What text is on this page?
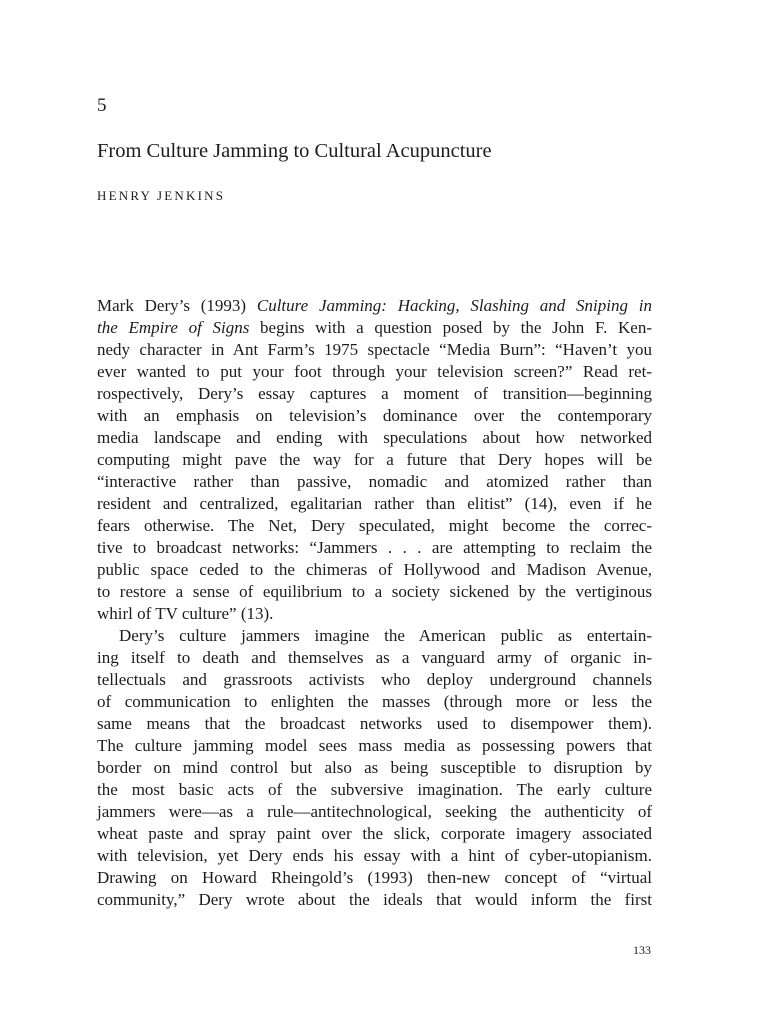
5
From Culture Jamming to Cultural Acupuncture
HENRY JENKINS
Mark Dery’s (1993) Culture Jamming: Hacking, Slashing and Sniping in
the Empire of Signs begins with a question posed by the John F. Ken-
nedy character in Ant Farm’s 1975 spectacle “Media Burn”: “Haven’t you
ever wanted to put your foot through your television screen?” Read ret-
rospectively, Dery’s essay captures a moment of transition—beginning
with an emphasis on television’s dominance over the contemporary
media landscape and ending with speculations about how networked
computing might pave the way for a future that Dery hopes will be
“interactive rather than passive, nomadic and atomized rather than
resident and centralized, egalitarian rather than elitist” (14), even if he
fears otherwise. The Net, Dery speculated, might become the correc-
tive to broadcast networks: “Jammers . . . are attempting to reclaim the
public space ceded to the chimeras of Hollywood and Madison Avenue,
to restore a sense of equilibrium to a society sickened by the vertiginous
whirl of TV culture” (13).
Dery’s culture jammers imagine the American public as entertain-
ing itself to death and themselves as a vanguard army of organic in-
tellectuals and grassroots activists who deploy underground channels
of communication to enlighten the masses (through more or less the
same means that the broadcast networks used to disempower them).
The culture jamming model sees mass media as possessing powers that
border on mind control but also as being susceptible to disruption by
the most basic acts of the subversive imagination. The early culture
jammers were—as a rule—antitechnological, seeking the authenticity of
wheat paste and spray paint over the slick, corporate imagery associated
with television, yet Dery ends his essay with a hint of cyber-utopianism.
Drawing on Howard Rheingold’s (1993) then-new concept of “virtual
community,” Dery wrote about the ideals that would inform the first
133
